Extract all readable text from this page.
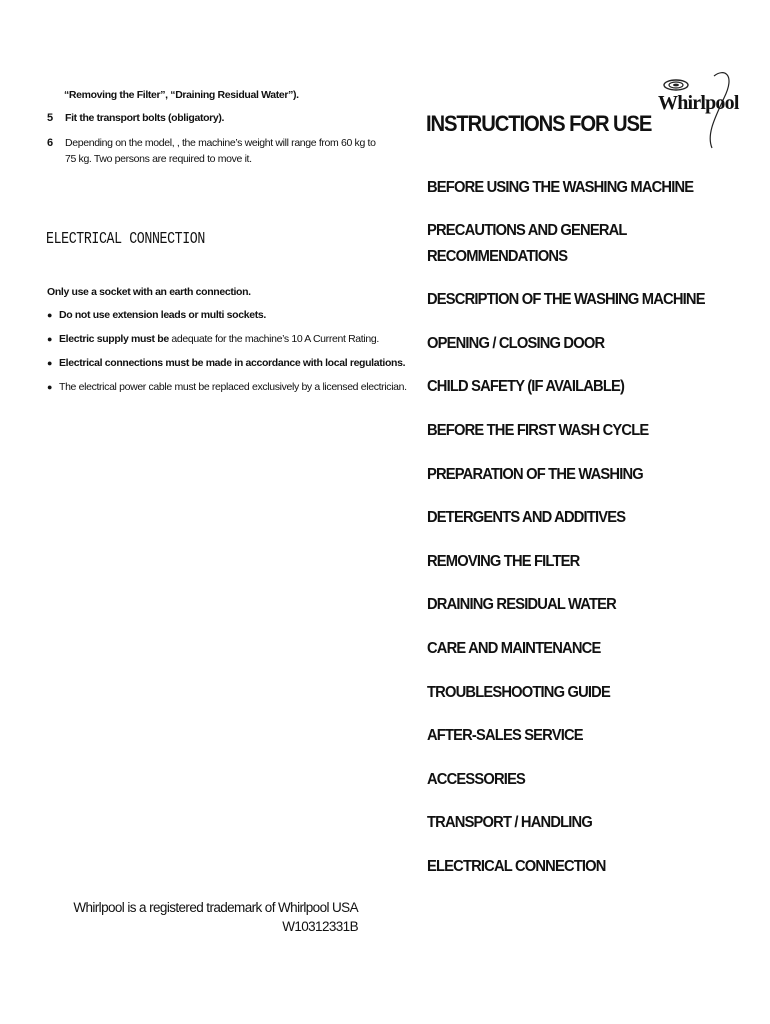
“Removing the Filter”, “Draining Residual Water”).
5	Fit the transport bolts (obligatory).
6	Depending on the model, , the machine’s weight will range from 60 kg to
75 kg. Two persons are required to move it.
ELECTRICAL CONNECTION
Only use a socket with an earth connection.
● Do not use extension leads or multi sockets.
● Electric supply must be adequate for the machine’s 10 A Current Rating.
● Electrical connections must be made in accordance with local regulations.
● The electrical power cable must be replaced exclusively by a licensed electrician.
Whirlpool is a registered trademark of Whirlpool USA
W10312331B
Whirlpool
INSTRUCTIONS FOR USE
BEFORE USING THE WASHING MACHINE
PRECAUTIONS AND GENERAL
RECOMMENDATIONS
DESCRIPTION OF THE WASHING MACHINE
OPENING / CLOSING DOOR
CHILD SAFETY (IF AVAILABLE)
BEFORE THE FIRST WASH CYCLE
PREPARATION OF THE WASHING
DETERGENTS AND ADDITIVES
REMOVING THE FILTER
DRAINING RESIDUAL WATER
CARE AND MAINTENANCE
TROUBLESHOOTING GUIDE
AFTER-SALES SERVICE
ACCESSORIES
TRANSPORT / HANDLING
ELECTRICAL CONNECTION
